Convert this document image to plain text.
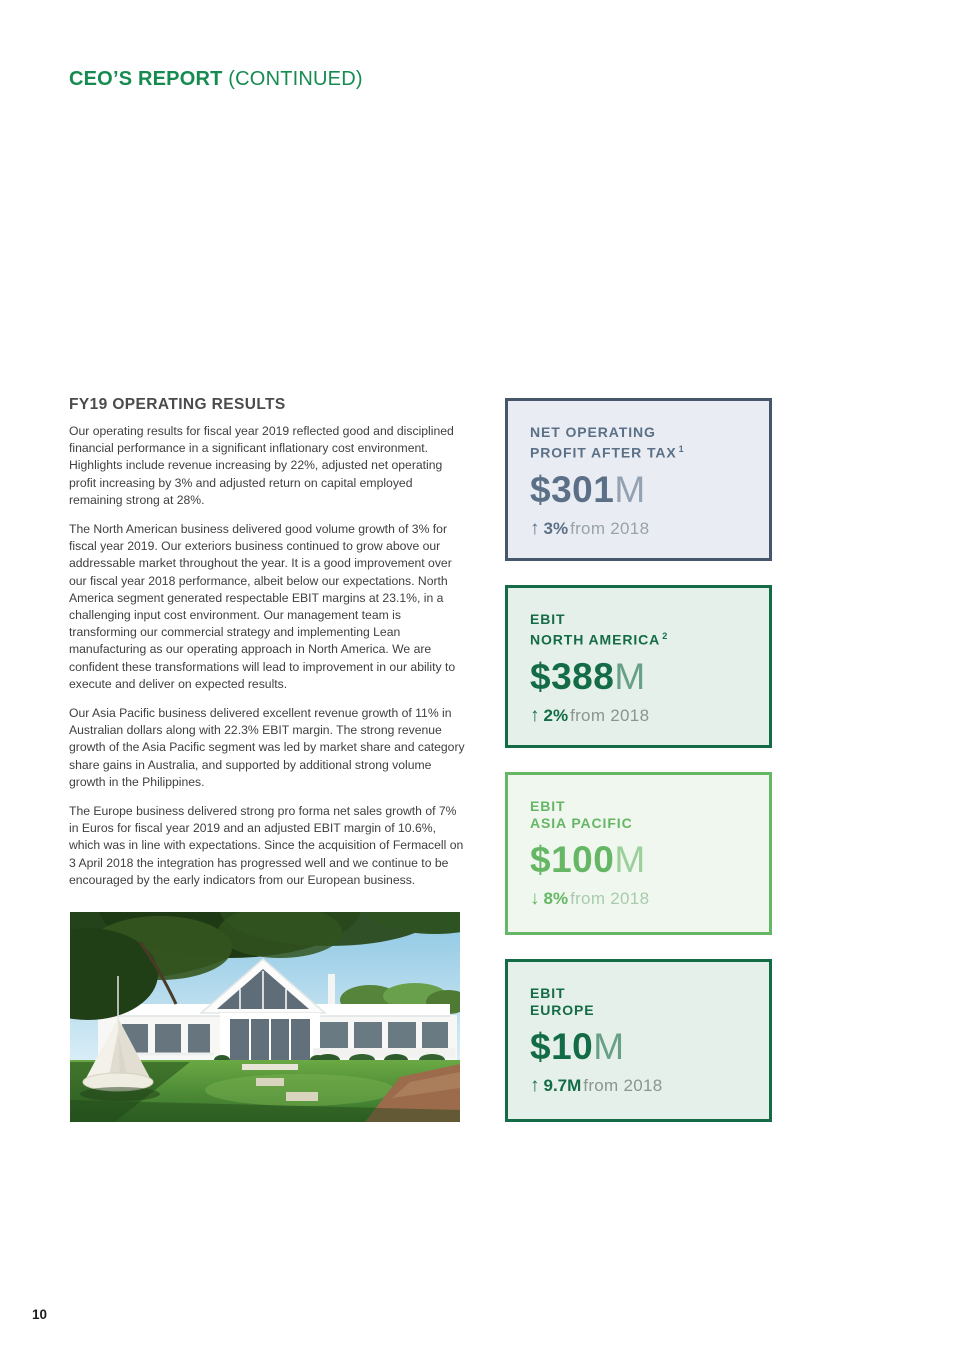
CEO’S REPORT (CONTINUED)
FY19 OPERATING RESULTS

Our operating results for fiscal year 2019 reflected good and disciplined financial performance in a significant inflationary cost environment. Highlights include revenue increasing by 22%, adjusted net operating profit increasing by 3% and adjusted return on capital employed remaining strong at 28%.

The North American business delivered good volume growth of 3% for fiscal year 2019. Our exteriors business continued to grow above our addressable market throughout the year. It is a good improvement over our fiscal year 2018 performance, albeit below our expectations. North America segment generated respectable EBIT margins at 23.1%, in a challenging input cost environment. Our management team is transforming our commercial strategy and implementing Lean manufacturing as our operating approach in North America. We are confident these transformations will lead to improvement in our ability to execute and deliver on expected results.

Our Asia Pacific business delivered excellent revenue growth of 11% in Australian dollars along with 22.3% EBIT margin. The strong revenue growth of the Asia Pacific segment was led by market share and category share gains in Australia, and supported by additional strong volume growth in the Philippines.

The Europe business delivered strong pro forma net sales growth of 7% in Euros for fiscal year 2019 and an adjusted EBIT margin of 10.6%, which was in line with expectations. Since the acquisition of Fermacell on 3 April 2018 the integration has progressed well and we continue to be encouraged by the early indicators from our European business.

NET OPERATING
PROFIT AFTER TAX $^1$
$301M
↑ 3% from 2018
EBIT
NORTH AMERICA $^2$
$388M
↑ 2% from 2018
EBIT
ASIA PACIFIC
$100M
↓ 8% from 2018
EBIT
EUROPE
$10M
↑ 9.7M from 2018
10
